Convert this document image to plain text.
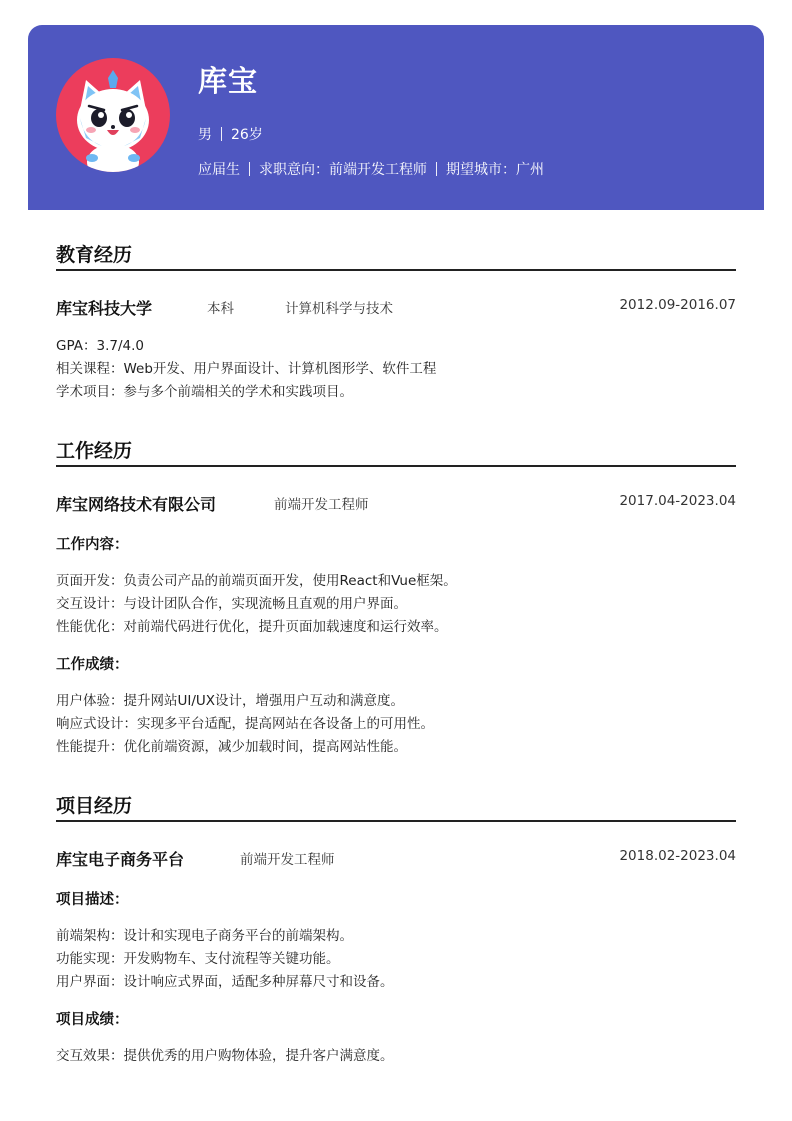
库宝
男 26岁
应届生 求职意向：前端开发工程师 期望城市：广州
教育经历
库宝科技大学	本科	计算机科学与技术	2012.09-2016.07
GPA：3.7/4.0
相关课程：Web开发、用户界面设计、计算机图形学、软件工程
学术项目：参与多个前端相关的学术和实践项目。
工作经历
库宝网络技术有限公司	前端开发工程师	2017.04-2023.04
工作内容：
页面开发：负责公司产品的前端页面开发，使用React和Vue框架。
交互设计：与设计团队合作，实现流畅且直观的用户界面。
性能优化：对前端代码进行优化，提升页面加载速度和运行效率。
工作成绩：
用户体验：提升网站UI/UX设计，增强用户互动和满意度。
响应式设计：实现多平台适配，提高网站在各设备上的可用性。
性能提升：优化前端资源，减少加载时间，提高网站性能。
项目经历
库宝电子商务平台	前端开发工程师	2018.02-2023.04
项目描述：
前端架构：设计和实现电子商务平台的前端架构。
功能实现：开发购物车、支付流程等关键功能。
用户界面：设计响应式界面，适配多种屏幕尺寸和设备。
项目成绩：
交互效果：提供优秀的用户购物体验，提升客户满意度。
